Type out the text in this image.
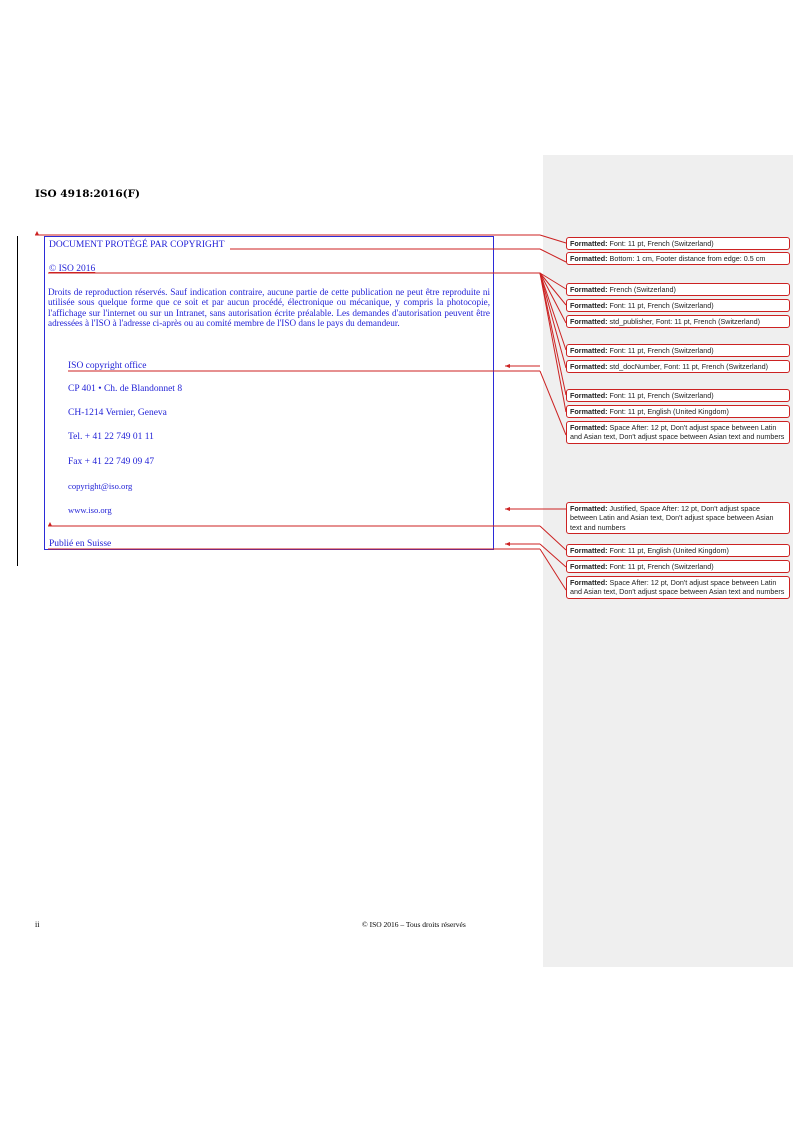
ISO 4918:2016(F)
DOCUMENT PROTÉGÉ PAR COPYRIGHT
© ISO 2016
Droits de reproduction réservés. Sauf indication contraire, aucune partie de cette publication ne peut être reproduite ni utilisée sous quelque forme que ce soit et par aucun procédé, électronique ou mécanique, y compris la photocopie, l'affichage sur l'internet ou sur un Intranet, sans autorisation écrite préalable. Les demandes d'autorisation peuvent être adressées à l'ISO à l'adresse ci-après ou au comité membre de l'ISO dans le pays du demandeur.
ISO copyright office
CP 401 • Ch. de Blandonnet 8
CH-1214 Vernier, Geneva
Tel. + 41 22 749 01 11
Fax + 41 22 749 09 47
copyright@iso.org
www.iso.org
Publié en Suisse
Formatted: Font: 11 pt, French (Switzerland)
Formatted: Bottom: 1 cm, Footer distance from edge: 0.5 cm
Formatted: French (Switzerland)
Formatted: Font: 11 pt, French (Switzerland)
Formatted: std_publisher, Font: 11 pt, French (Switzerland)
Formatted: Font: 11 pt, French (Switzerland)
Formatted: std_docNumber, Font: 11 pt, French (Switzerland)
Formatted: Font: 11 pt, French (Switzerland)
Formatted: Font: 11 pt, English (United Kingdom)
Formatted: Space After: 12 pt, Don't adjust space between Latin and Asian text, Don't adjust space between Asian text and numbers
Formatted: Justified, Space After: 12 pt, Don't adjust space between Latin and Asian text, Don't adjust space between Asian text and numbers
Formatted: Font: 11 pt, English (United Kingdom)
Formatted: Font: 11 pt, French (Switzerland)
Formatted: Space After: 12 pt, Don't adjust space between Latin and Asian text, Don't adjust space between Asian text and numbers
ii	© ISO 2016 – Tous droits réservés
